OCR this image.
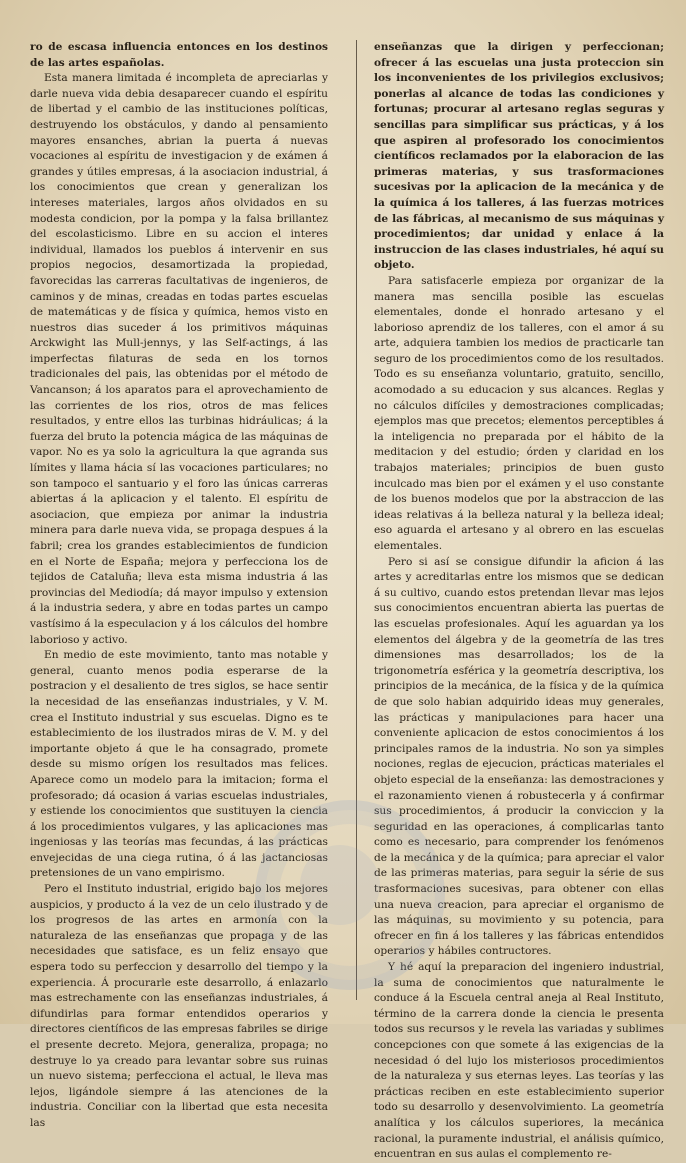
ro de escasa influencia entonces en los destinos de las artes españolas.

Esta manera limitada é incompleta de apreciarlas y darle nueva vida debia desaparecer cuando el espíritu de libertad y el cambio de las instituciones políticas, destruyendo los obstáculos, y dando al pensamiento mayores ensanches, abrian la puerta á nuevas vocaciones al espíritu de investigacion y de exámen á grandes y útiles empresas, á la asociacion industrial, á los conocimientos que crean y generalizan los intereses materiales, largos años olvidados en su modesta condicion, por la pompa y la falsa brillantez del escolasticismo. Libre en su accion el interes individual, llamados los pueblos á intervenir en sus propios negocios, desamortizada la propiedad, favorecidas las carreras facultativas de ingenieros, de caminos y de minas, creadas en todas partes escuelas de matemáticas y de física y química, hemos visto en nuestros dias suceder á los primitivos máquinas Arckwight las Mull-jennys, y las Self-actings, á las imperfectas filaturas de seda en los tornos tradicionales del pais, las obtenidas por el método de Vancanson; á los aparatos para el aprovechamiento de las corrientes de los rios, otros de mas felices resultados, y entre ellos las turbinas hidráulicas; á la fuerza del bruto la potencia mágica de las máquinas de vapor. No es ya solo la agricultura la que agranda sus límites y llama hácia sí las vocaciones particulares; no son tampoco el santuario y el foro las únicas carreras abiertas á la aplicacion y el talento. El espíritu de asociacion, que empieza por animar la industria minera para darle nueva vida, se propaga despues á la fabril; crea los grandes establecimientos de fundicion en el Norte de España; mejora y perfecciona los de tejidos de Cataluña; lleva esta misma industria á las provincias del Mediodía; dá mayor impulso y extension á la industria sedera, y abre en todas partes un campo vastísimo á la especulacion y á los cálculos del hombre laborioso y activo.

En medio de este movimiento, tanto mas notable y general, cuanto menos podia esperarse de la postracion y el desaliento de tres siglos, se hace sentir la necesidad de las enseñanzas industriales, y V. M. crea el Instituto industrial y sus escuelas. Digno es te establecimiento de los ilustrados miras de V. M. y del importante objeto á que le ha consagrado, promete desde su mismo orígen los resultados mas felices. Aparece como un modelo para la imitacion; forma el profesorado; dá ocasion á varias escuelas industriales, y estiende los conocimientos que sustituyen la ciencia á los procedimientos vulgares, y las aplicaciones mas ingeniosas y las teorías mas fecundas, á las prácticas envejecidas de una ciega rutina, ó á las jactanciosas pretensiones de un vano empirismo.

Pero el Instituto industrial, erigido bajo los mejores auspicios, y producto á la vez de un celo ilustrado y de los progresos de las artes en armonía con la naturaleza de las enseñanzas que propaga y de las necesidades que satisface, es un feliz ensayo que espera todo su perfeccion y desarrollo del tiempo y la experiencia. Á procurarle este desarrollo, á enlazarlo mas estrechamente con las enseñanzas industriales, á difundirlas para formar entendidos operarios y directores científicos de las empresas fabriles se dirige el presente decreto. Mejora, generaliza, propaga; no destruye lo ya creado para levantar sobre sus ruinas un nuevo sistema; perfecciona el actual, le lleva mas lejos, ligándole siempre á las atenciones de la industria. Conciliar con la libertad que esta necesita las

enseñanzas que la dirigen y perfeccionan; ofrecer á las escuelas una justa proteccion sin los inconvenientes de los privilegios exclusivos; ponerlas al alcance de todas las condiciones y fortunas; procurar al artesano reglas seguras y sencillas para simplificar sus prácticas, y á los que aspiren al profesorado los conocimientos científicos reclamados por la elaboracion de las primeras materias, y sus trasformaciones sucesivas por la aplicacion de la mecánica y de la química á los talleres, á las fuerzas motrices de las fábricas, al mecanismo de sus máquinas y procedimientos; dar unidad y enlace á la instruccion de las clases industriales, hé aquí su objeto.

Para satisfacerle empieza por organizar de la manera mas sencilla posible las escuelas elementales, donde el honrado artesano y el laborioso aprendiz de los talleres, con el amor á su arte, adquiera tambien los medios de practicarle tan seguro de los procedimientos como de los resultados. Todo es su enseñanza voluntario, gratuito, sencillo, acomodado a su educacion y sus alcances. Reglas y no cálculos difíciles y demostraciones complicadas; ejemplos mas que precetos; elementos perceptibles á la inteligencia no preparada por el hábito de la meditacion y del estudio; órden y claridad en los trabajos materiales; principios de buen gusto inculcado mas bien por el exámen y el uso constante de los buenos modelos que por la abstraccion de las ideas relativas á la belleza natural y la belleza ideal; eso aguarda el artesano y al obrero en las escuelas elementales.

Pero si así se consigue difundir la aficion á las artes y acreditarlas entre los mismos que se dedican á su cultivo, cuando estos pretendan llevar mas lejos sus conocimientos encuentran abierta las puertas de las escuelas profesionales. Aquí les aguardan ya los elementos del álgebra y de la geometría de las tres dimensiones mas desarrollados; los de la trigonometría esférica y la geometría descriptiva, los principios de la mecánica, de la física y de la química de que solo habian adquirido ideas muy generales, las prácticas y manipulaciones para hacer una conveniente aplicacion de estos conocimientos á los principales ramos de la industria. No son ya simples nociones, reglas de ejecucion, prácticas materiales el objeto especial de la enseñanza: las demostraciones y el razonamiento vienen á robustecerla y á confirmar sus procedimientos, á producir la conviccion y la seguridad en las operaciones, á complicarlas tanto como es necesario, para comprender los fenómenos de la mecánica y de la química; para apreciar el valor de las primeras materias, para seguir la série de sus trasformaciones sucesivas, para obtener con ellas una nueva creacion, para apreciar el organismo de las máquinas, su movimiento y su potencia, para ofrecer en fin á los talleres y las fábricas entendidos operarios y hábiles contructores.

Y hé aquí la preparacion del ingeniero industrial, la suma de conocimientos que naturalmente le conduce á la Escuela central aneja al Real Instituto, término de la carrera donde la ciencia le presenta todos sus recursos y le revela las variadas y sublimes concepciones con que somete á las exigencias de la necesidad ó del lujo los misteriosos procedimientos de la naturaleza y sus eternas leyes. Las teorías y las prácticas reciben en este establecimiento superior todo su desarrollo y desenvolvimiento. La geometría analítica y los cálculos superiores, la mecánica racional, la puramente industrial, el análisis químico, encuentran en sus aulas el complemento re-
